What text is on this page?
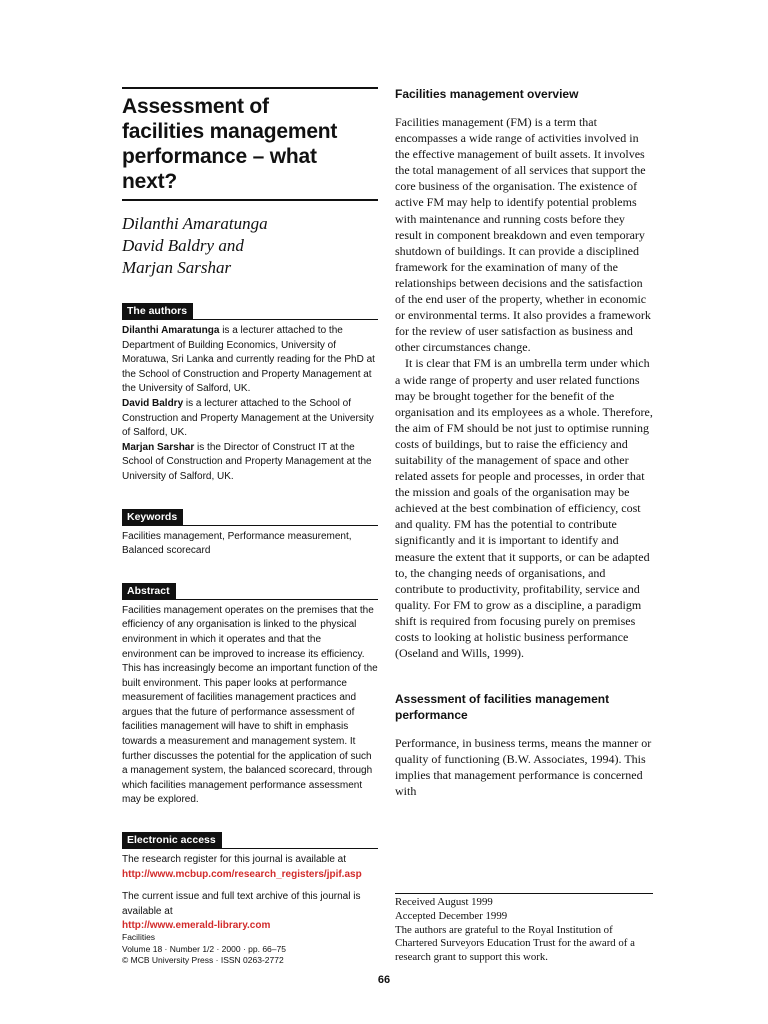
Assessment of
facilities management
performance – what
next?
Dilanthi Amaratunga
David Baldry and
Marjan Sarshar
The authors
Dilanthi Amaratunga is a lecturer attached to the Department of Building Economics, University of Moratuwa, Sri Lanka and currently reading for the PhD at the School of Construction and Property Management at the University of Salford, UK.
David Baldry is a lecturer attached to the School of Construction and Property Management at the University of Salford, UK.
Marjan Sarshar is the Director of Construct IT at the School of Construction and Property Management at the University of Salford, UK.
Keywords
Facilities management, Performance measurement, Balanced scorecard
Abstract
Facilities management operates on the premises that the efficiency of any organisation is linked to the physical environment in which it operates and that the environment can be improved to increase its efficiency. This has increasingly become an important function of the built environment. This paper looks at performance measurement of facilities management practices and argues that the future of performance assessment of facilities management will have to shift in emphasis towards a measurement and management system. It further discusses the potential for the application of such a management system, the balanced scorecard, through which facilities management performance assessment may be explored.
Electronic access
The research register for this journal is available at
http://www.mcbup.com/research_registers/jpif.asp
The current issue and full text archive of this journal is available at
http://www.emerald-library.com
Facilities
Volume 18 · Number 1/2 · 2000 · pp. 66–75
© MCB University Press · ISSN 0263-2772
Facilities management overview

Facilities management (FM) is a term that encompasses a wide range of activities involved in the effective management of built assets. It involves the total management of all services that support the core business of the organisation. The existence of active FM may help to identify potential problems with maintenance and running costs before they result in component breakdown and even temporary shutdown of buildings. It can provide a disciplined framework for the examination of many of the relationships between decisions and the satisfaction of the end user of the property, whether in economic or environmental terms. It also provides a framework for the review of user satisfaction as business and other circumstances change.

It is clear that FM is an umbrella term under which a wide range of property and user related functions may be brought together for the benefit of the organisation and its employees as a whole. Therefore, the aim of FM should be not just to optimise running costs of buildings, but to raise the efficiency and suitability of the management of space and other related assets for people and processes, in order that the mission and goals of the organisation may be achieved at the best combination of efficiency, cost and quality. FM has the potential to contribute significantly and it is important to identify and measure the extent that it supports, or can be adapted to, the changing needs of organisations, and contribute to productivity, profitability, service and quality. For FM to grow as a discipline, a paradigm shift is required from focusing purely on premises costs to looking at holistic business performance (Oseland and Wills, 1999).

Assessment of facilities management performance

Performance, in business terms, means the manner or quality of functioning (B.W. Associates, 1994). This implies that management performance is concerned with

Received August 1999
Accepted December 1999
The authors are grateful to the Royal Institution of Chartered Surveyors Education Trust for the award of a research grant to support this work.
66
